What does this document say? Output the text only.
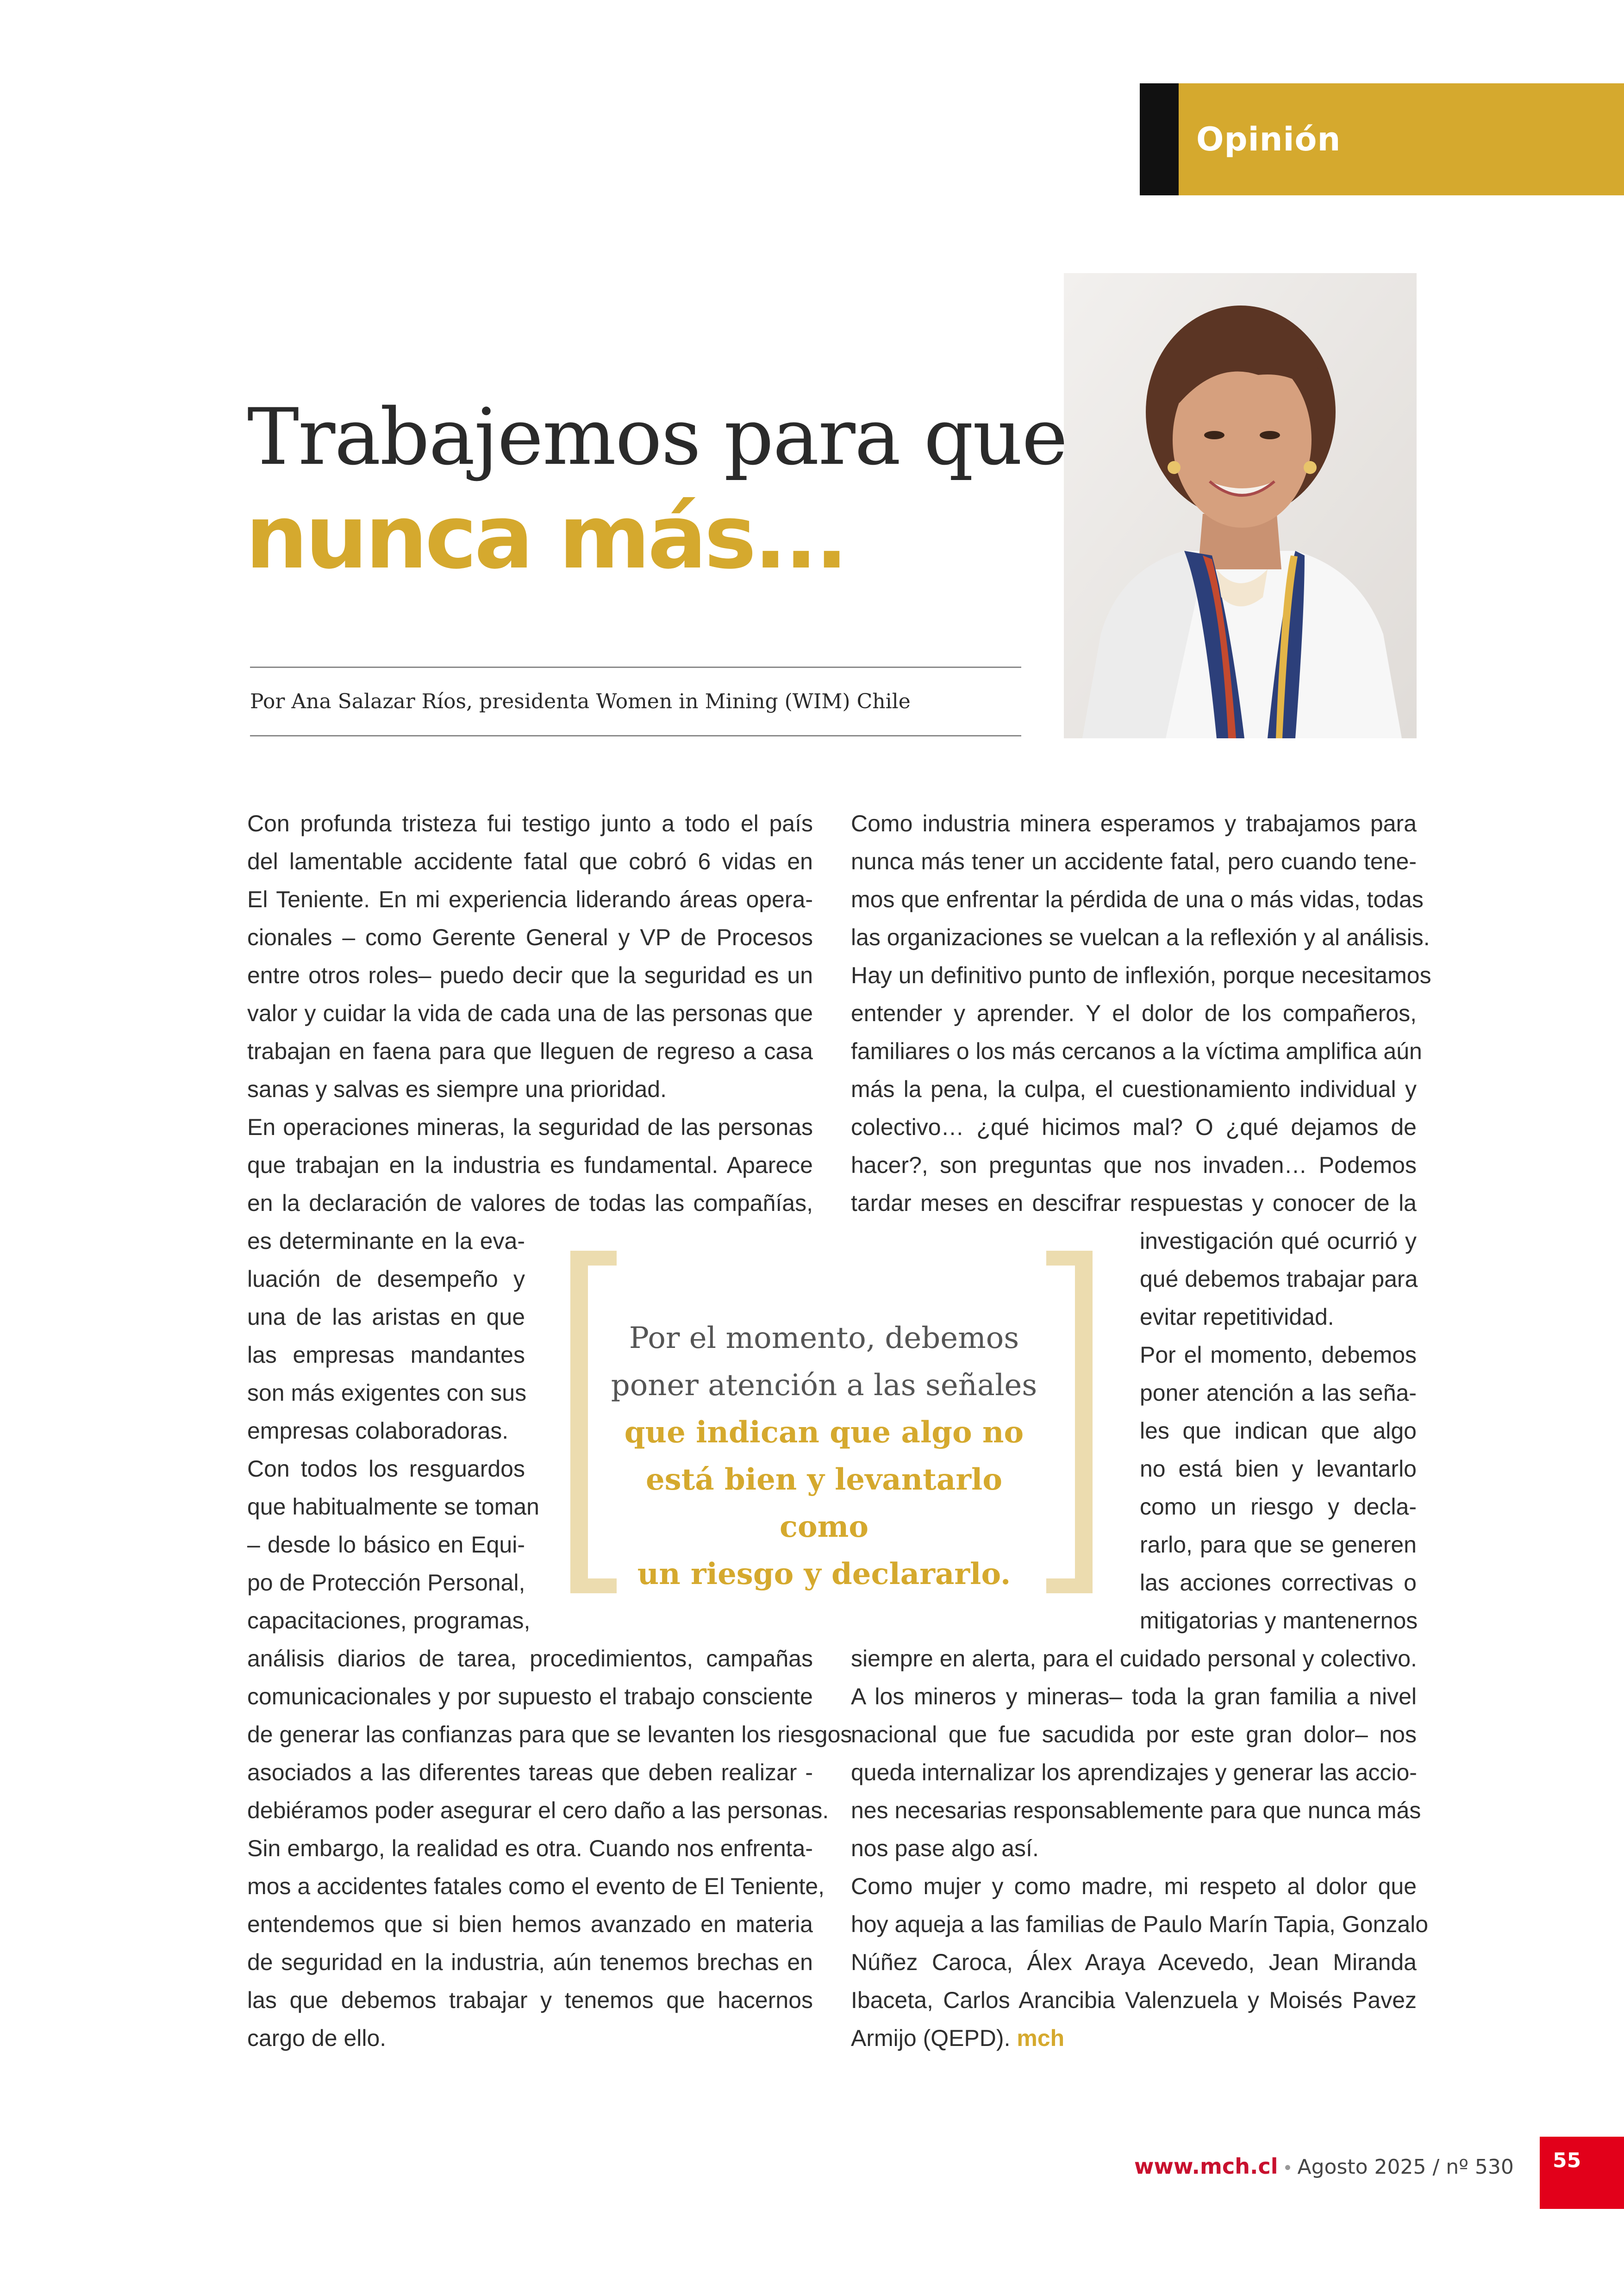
Opinión
Trabajemos para que
nunca más...
Por Ana Salazar Ríos, presidenta Women in Mining (WIM) Chile
Con profunda tristeza fui testigo junto a todo el país
del lamentable accidente fatal que cobró 6 vidas en
El Teniente. En mi experiencia liderando áreas opera-
cionales – como Gerente General y VP de Procesos
entre otros roles– puedo decir que la seguridad es un
valor y cuidar la vida de cada una de las personas que
trabajan en faena para que lleguen de regreso a casa
sanas y salvas es siempre una prioridad.
En operaciones mineras, la seguridad de las personas
que trabajan en la industria es fundamental. Aparece
en la declaración de valores de todas las compañías,
es determinante en la eva-
luación de desempeño y
una de las aristas en que
las empresas mandantes
son más exigentes con sus
empresas colaboradoras.
Con todos los resguardos
que habitualmente se toman
– desde lo básico en Equi-
po de Protección Personal,
capacitaciones, programas,
análisis diarios de tarea, procedimientos, campañas
comunicacionales y por supuesto el trabajo consciente
de generar las confianzas para que se levanten los riesgos
asociados a las diferentes tareas que deben realizar -
debiéramos poder asegurar el cero daño a las personas.
Sin embargo, la realidad es otra. Cuando nos enfrenta-
mos a accidentes fatales como el evento de El Teniente,
entendemos que si bien hemos avanzado en materia
de seguridad en la industria, aún tenemos brechas en
las que debemos trabajar y tenemos que hacernos
cargo de ello.
Como industria minera esperamos y trabajamos para
nunca más tener un accidente fatal, pero cuando tene-
mos que enfrentar la pérdida de una o más vidas, todas
las organizaciones se vuelcan a la reflexión y al análisis.
Hay un definitivo punto de inflexión, porque necesitamos
entender y aprender. Y el dolor de los compañeros,
familiares o los más cercanos a la víctima amplifica aún
más la pena, la culpa, el cuestionamiento individual y
colectivo… ¿qué hicimos mal? O ¿qué dejamos de
hacer?, son preguntas que nos invaden… Podemos
tardar meses en descifrar respuestas y conocer de la
investigación qué ocurrió y
qué debemos trabajar para
evitar repetitividad.
Por el momento, debemos
poner atención a las seña-
les que indican que algo
no está bien y levantarlo
como un riesgo y decla-
rarlo, para que se generen
las acciones correctivas o
mitigatorias y mantenernos
siempre en alerta, para el cuidado personal y colectivo.
A los mineros y mineras– toda la gran familia a nivel
nacional que fue sacudida por este gran dolor– nos
queda internalizar los aprendizajes y generar las accio-
nes necesarias responsablemente para que nunca más
nos pase algo así.
Como mujer y como madre, mi respeto al dolor que
hoy aqueja a las familias de Paulo Marín Tapia, Gonzalo
Núñez Caroca, Álex Araya Acevedo, Jean Miranda
Ibaceta, Carlos Arancibia Valenzuela y Moisés Pavez
Armijo (QEPD). mch
Por el momento, debemos
poner atención a las señales
que indican que algo no
está bien y levantarlo como
un riesgo y declararlo.
www.mch.cl • Agosto 2025 / nº 530	55
